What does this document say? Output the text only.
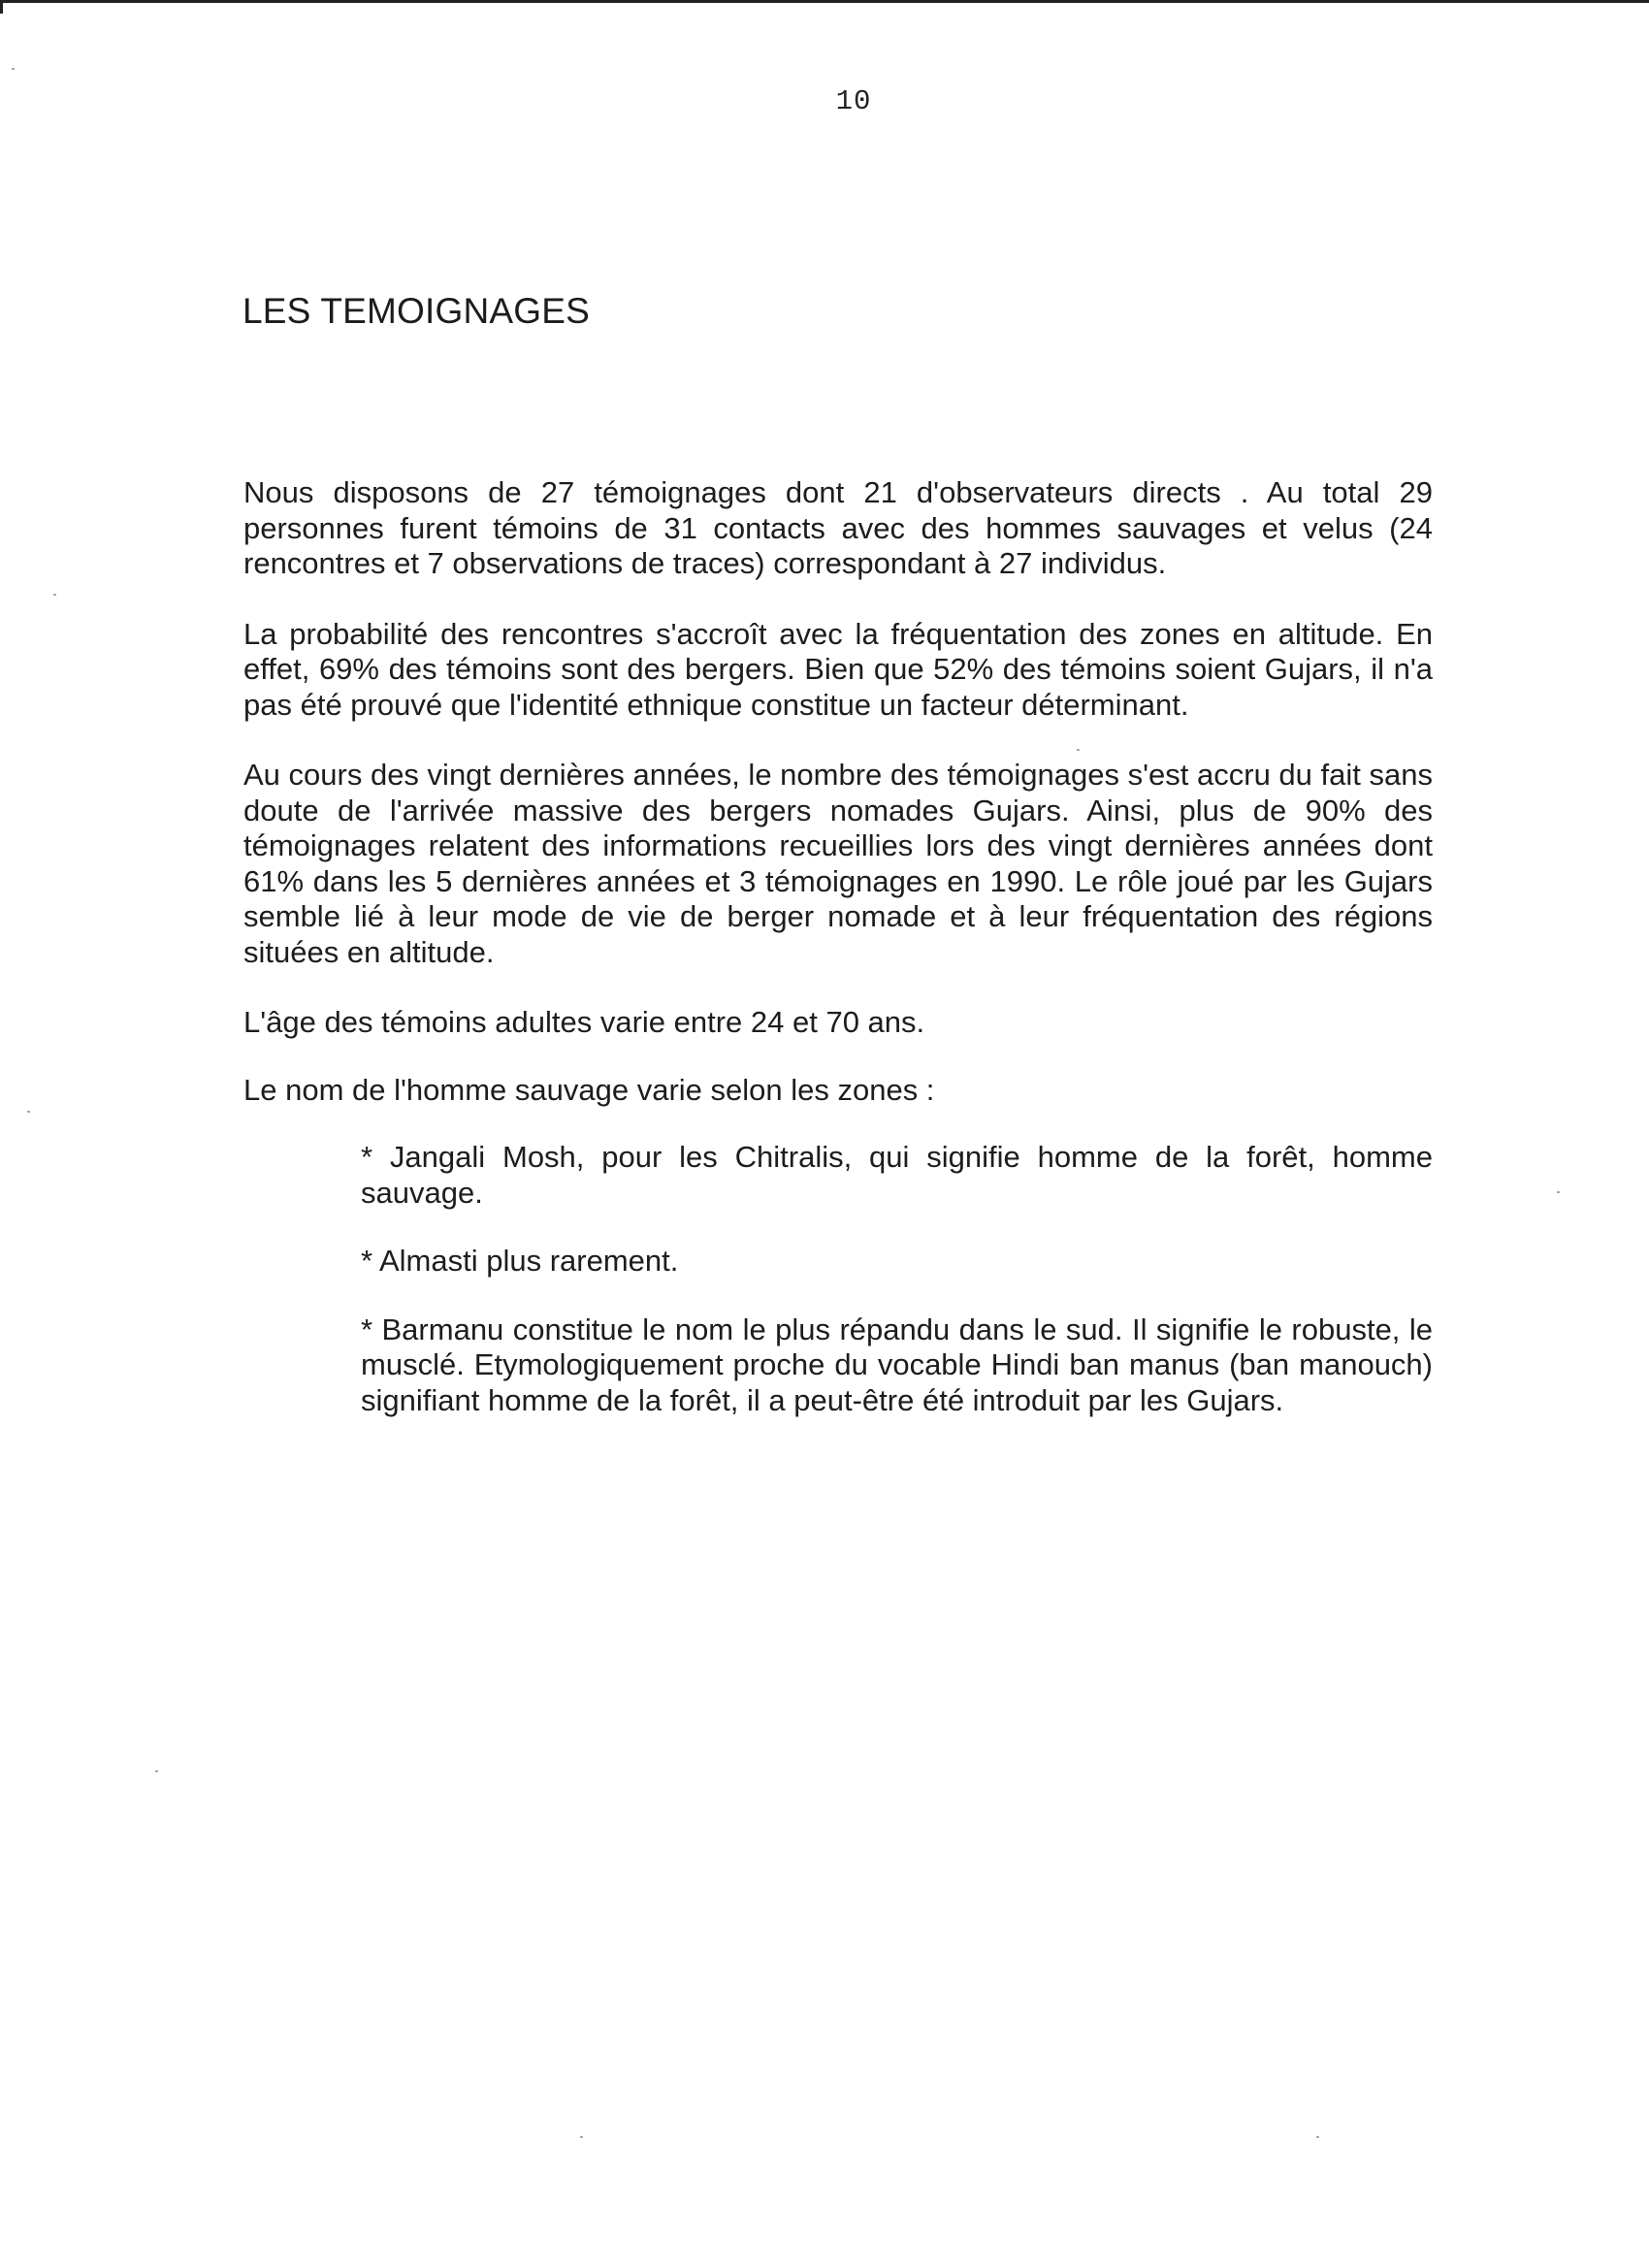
10
LES TEMOIGNAGES

Nous disposons de 27 témoignages dont 21 d'observateurs directs . Au total 29 personnes furent témoins de 31 contacts avec des hommes sauvages et velus (24 rencontres et 7 observations de traces) correspondant à 27 individus.

La probabilité des rencontres s'accroît avec la fréquentation des zones en altitude. En effet, 69% des témoins sont des bergers. Bien que 52% des témoins soient Gujars, il n'a pas été prouvé que l'identité ethnique constitue un facteur déterminant.

Au cours des vingt dernières années, le nombre des témoignages s'est accru du fait sans doute de l'arrivée massive des bergers nomades Gujars. Ainsi, plus de 90% des témoignages relatent des informations recueillies lors des vingt dernières années dont 61% dans les 5 dernières années et 3 témoignages en 1990. Le rôle joué par les Gujars semble lié à leur mode de vie de berger nomade et à leur fréquentation des régions situées en altitude.

L'âge des témoins adultes varie entre 24 et 70 ans.

Le nom de l'homme sauvage varie selon les zones :

* Jangali Mosh, pour les Chitralis, qui signifie homme de la forêt, homme sauvage.
* Almasti plus rarement.
* Barmanu constitue le nom le plus répandu dans le sud. Il signifie le robuste, le musclé. Etymologiquement proche du vocable Hindi ban manus (ban manouch) signifiant homme de la forêt, il a peut-être été introduit par les Gujars.
